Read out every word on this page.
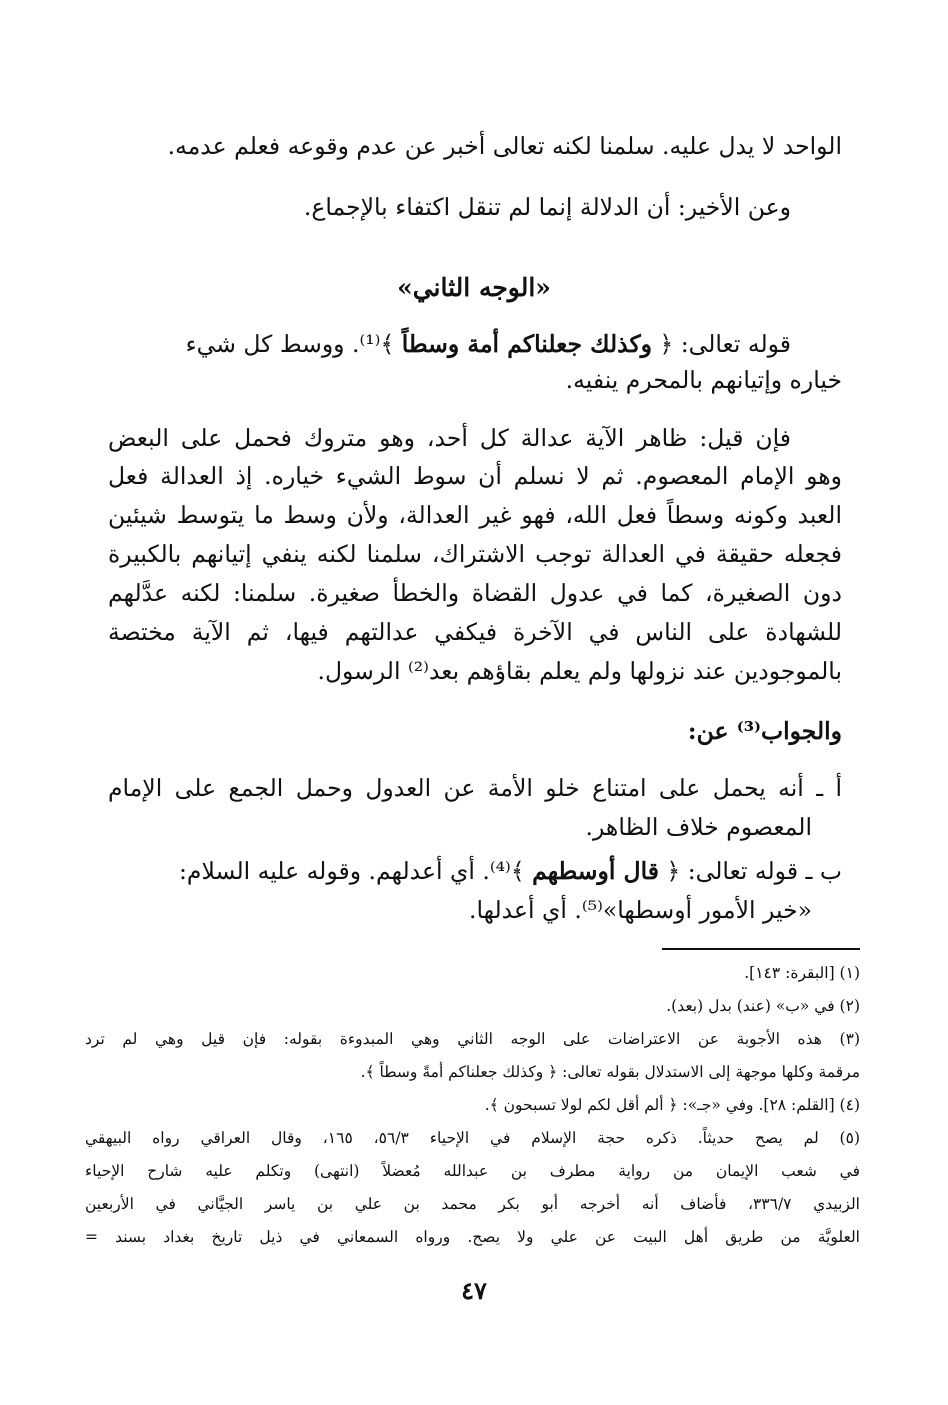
الواحد لا يدل عليه. سلمنا لكنه تعالى أخبر عن عدم وقوعه فعلم عدمه.
وعن الأخير: أن الدلالة إنما لم تنقل اكتفاء بالإجماع.
«الوجه الثاني»
قوله تعالى: ﴿ وكذلك جعلناكم أمة وسطاً ﴾⁽¹⁾. ووسط كل شيء
خياره وإتيانهم بالمحرم ينفيه.
فإن قيل: ظاهر الآية عدالة كل أحد، وهو متروك فحمل على البعض
وهو الإمام المعصوم. ثم لا نسلم أن سوط الشيء خياره. إذ العدالة فعل
العبد وكونه وسطاً فعل الله، فهو غير العدالة، ولأن وسط ما يتوسط شيئين
فجعله حقيقة في العدالة توجب الاشتراك، سلمنا لكنه ينفي إتيانهم بالكبيرة
دون الصغيرة، كما في عدول القضاة والخطأ صغيرة. سلمنا: لكنه عدَّلهم
للشهادة على الناس في الآخرة فيكفي عدالتهم فيها، ثم الآية مختصة
بالموجودين عند نزولها ولم يعلم بقاؤهم بعد⁽²⁾ الرسول.
والجواب⁽³⁾ عن:
أ ـ أنه يحمل على امتناع خلو الأمة عن العدول وحمل الجمع على الإمام
المعصوم خلاف الظاهر.
ب ـ قوله تعالى: ﴿ قال أوسطهم ﴾⁽⁴⁾. أي أعدلهم. وقوله عليه السلام:
«خير الأمور أوسطها»⁽⁵⁾. أي أعدلها.
(١) [البقرة: ١٤٣].
(٢) في «ب» (عند) بدل (بعد).
(٣) هذه الأجوبة عن الاعتراضات على الوجه الثاني وهي المبدوءة بقوله: فإن قيل وهي لم ترد
مرقمة وكلها موجهة إلى الاستدلال بقوله تعالى: ﴿ وكذلك جعلناكم أمةً وسطاً ﴾.
(٤) [القلم: ٢٨]. وفي «جـ»: ﴿ ألم أقل لكم لولا تسبحون ﴾.
(٥) لم يصح حديثاً. ذكره حجة الإسلام في الإحياء ٥٦/٣، ١٦٥، وقال العراقي رواه البيهقي
في شعب الإيمان من رواية مطرف بن عبدالله مُعضلاً (انتهى) وتكلم عليه شارح الإحياء
الزبيدي ٣٣٦/٧، فأضاف أنه أخرجه أبو بكر محمد بن علي بن ياسر الجيَّاني في الأربعين
العلويَّة من طريق أهل البيت عن علي ولا يصح. ورواه السمعاني في ذيل تاريخ بغداد بسند =
٤٧
